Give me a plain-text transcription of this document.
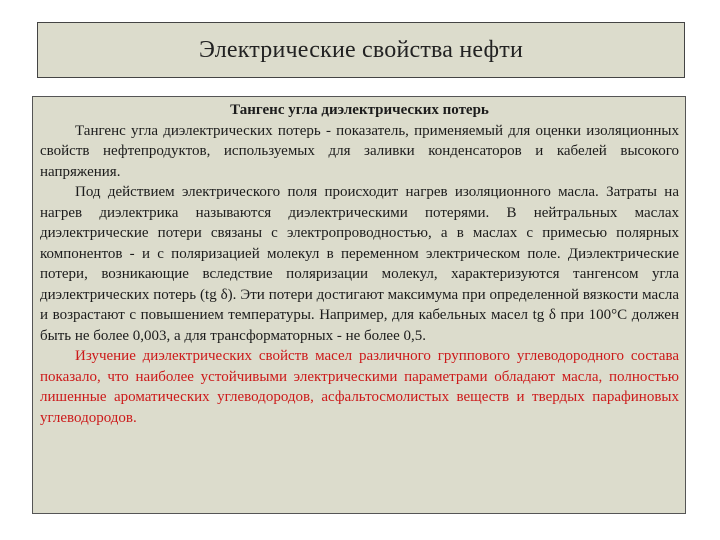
Электрические свойства нефти

Тангенс угла диэлектрических потерь

Тангенс угла диэлектрических потерь - показатель, применяемый для оценки изоляционных свойств нефтепродуктов, используемых для заливки конденсаторов и кабелей высокого напряжения.

Под действием электрического поля происходит нагрев изоляционного масла. Затраты на нагрев диэлектрика называются диэлектрическими потерями. В нейтральных маслах диэлектрические потери связаны с электропроводностью, а в маслах с примесью полярных компонентов - и с поляризацией молекул в переменном электрическом поле. Диэлектрические потери, возникающие вследствие поляризации молекул, характеризуются тангенсом угла диэлектрических потерь (tg δ). Эти потери достигают максимума при определенной вязкости масла и возрастают с повышением температуры. Например, для кабельных масел tg δ при 100°С должен быть не более 0,003, а для трансформаторных - не более 0,5.

Изучение диэлектрических свойств масел различного группового углеводородного состава показало, что наиболее устойчивыми электрическими параметрами обладают масла, полностью лишенные ароматических углеводородов, асфальтосмолистых веществ и твердых парафиновых углеводородов.
